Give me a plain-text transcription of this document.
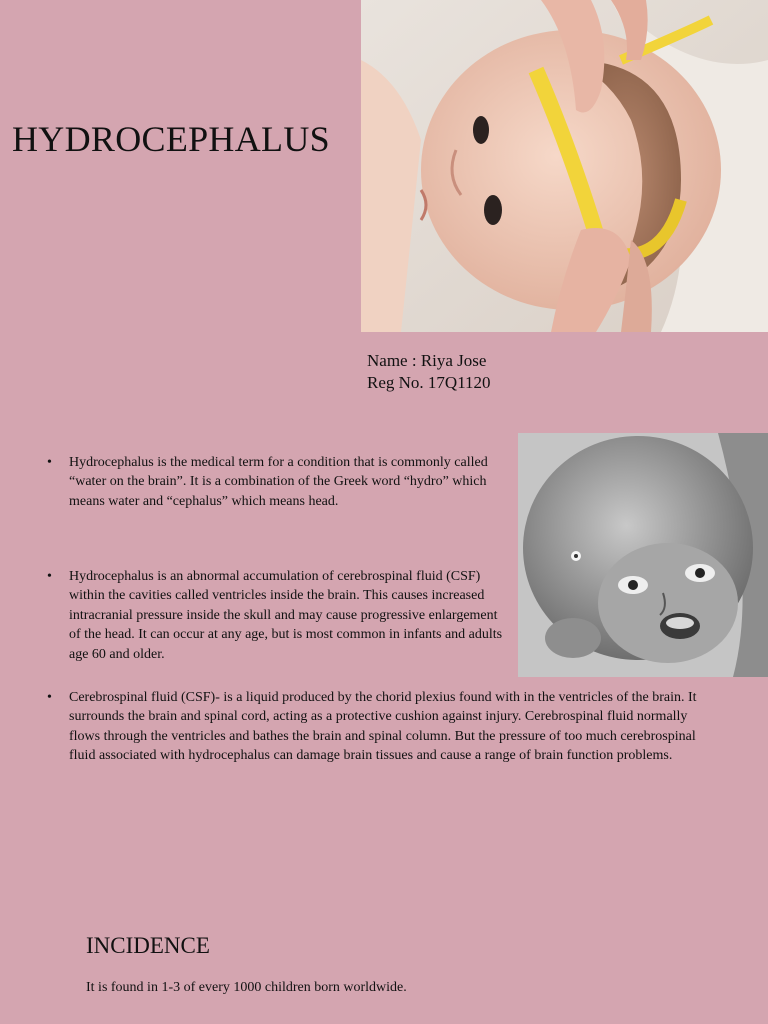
HYDROCEPHALUS
Name : Riya Jose
Reg No. 17Q1120
• Hydrocephalus is the medical term for a condition that is commonly called “water on the brain”. It is a combination of the Greek word “hydro” which means water and “cephalus” which means head.
• Hydrocephalus is an abnormal accumulation of cerebrospinal fluid (CSF) within the cavities called ventricles inside the brain. This causes increased intracranial pressure inside the skull and may cause progressive enlargement of the head. It can occur at any age, but is most common in infants and adults age 60 and older.
• Cerebrospinal fluid (CSF)- is a liquid produced by the chorid plexius found with in the ventricles of the brain. It surrounds the brain and spinal cord, acting as a protective cushion against injury. Cerebrospinal fluid normally flows through the ventricles and bathes the brain and spinal column. But the pressure of too much cerebrospinal fluid associated with hydrocephalus can damage brain tissues and cause a range of brain function problems.
INCIDENCE
It is found in 1-3 of every 1000 children born worldwide.
